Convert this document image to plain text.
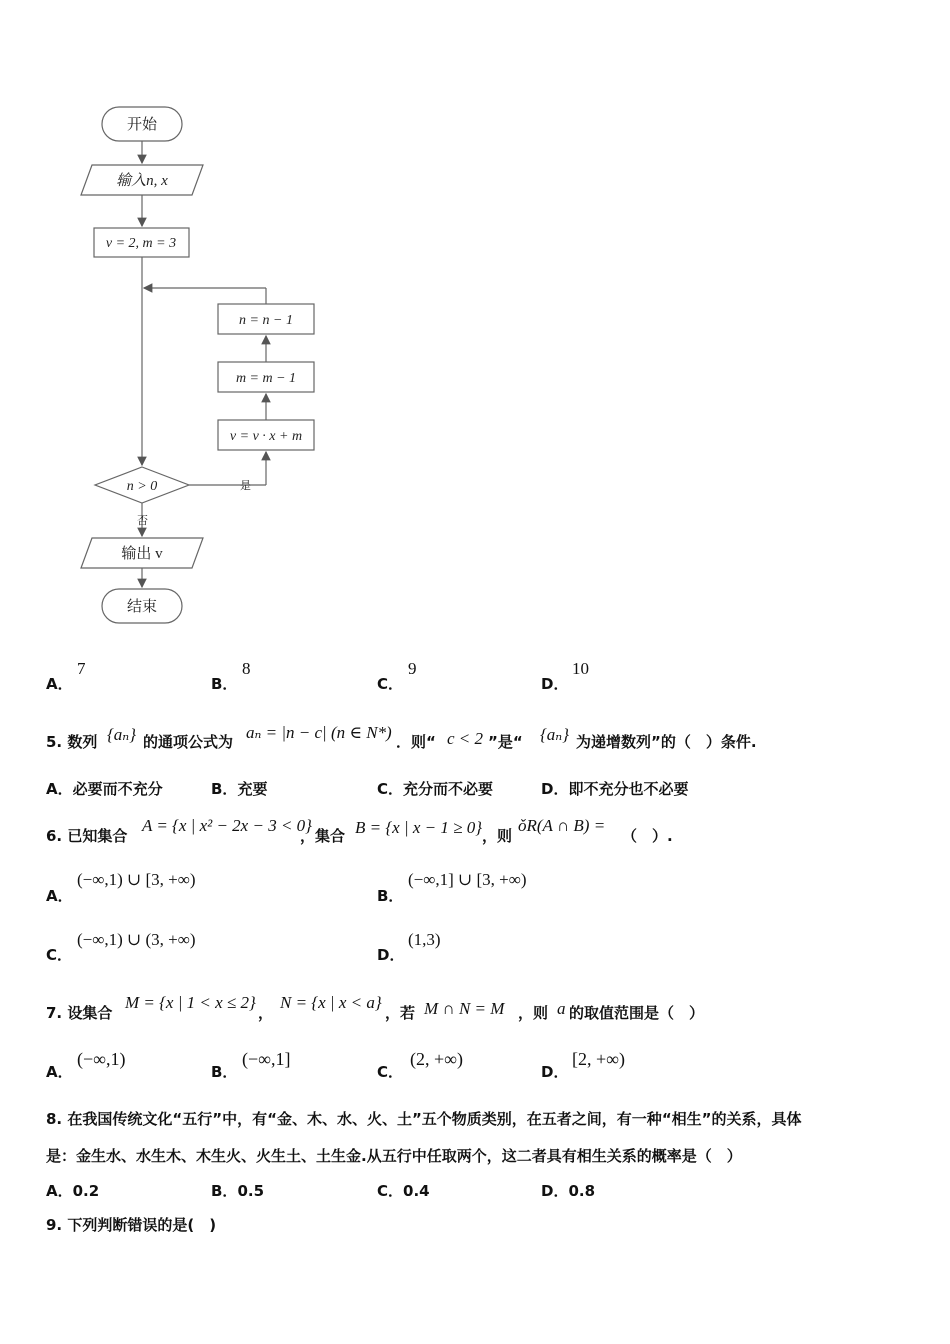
开始
输入n, x
v = 2, m = 3
n = n − 1
m = m − 1
v = v · x + m
n > 0	是
否
输出 v
结束
A．
7
B．
8
C．
9
D．
10
5. 数列 {aₙ} 的通项公式为 aₙ = |n − c| (n ∈ N*) ．则“ c < 2 ”是“ {aₙ} 为递增数列”的（　）条件.
A．必要而不充分	B．充要	C．充分而不必要	D．即不充分也不必要
6. 已知集合
A = {x | x² − 2x − 3 < 0}
，集合 B = {x | x − 1 ≥ 0} ，则
ǒR(A ∩ B) =
（　）.
A．
(−∞,1) ∪ [3, +∞)
B．
(−∞,1] ∪ [3, +∞)
C．
(−∞,1) ∪ (3, +∞)
D．
(1,3)
7. 设集合
M = {x | 1 < x ≤ 2}
，
N = {x | x < a}
，若 M ∩ N = M ，则 a 的取值范围是（　）
A．
(−∞,1)
B．
(−∞,1]
C．
(2, +∞)
D．
[2, +∞)
8. 在我国传统文化“五行”中，有“金、木、水、火、土”五个物质类别，在五者之间，有一种“相生”的关系，具体
是：金生水、水生木、木生火、火生土、土生金.从五行中任取两个，这二者具有相生关系的概率是（　）
A．0.2	B．0.5	C．0.4	D．0.8
9. 下列判断错误的是(　)
